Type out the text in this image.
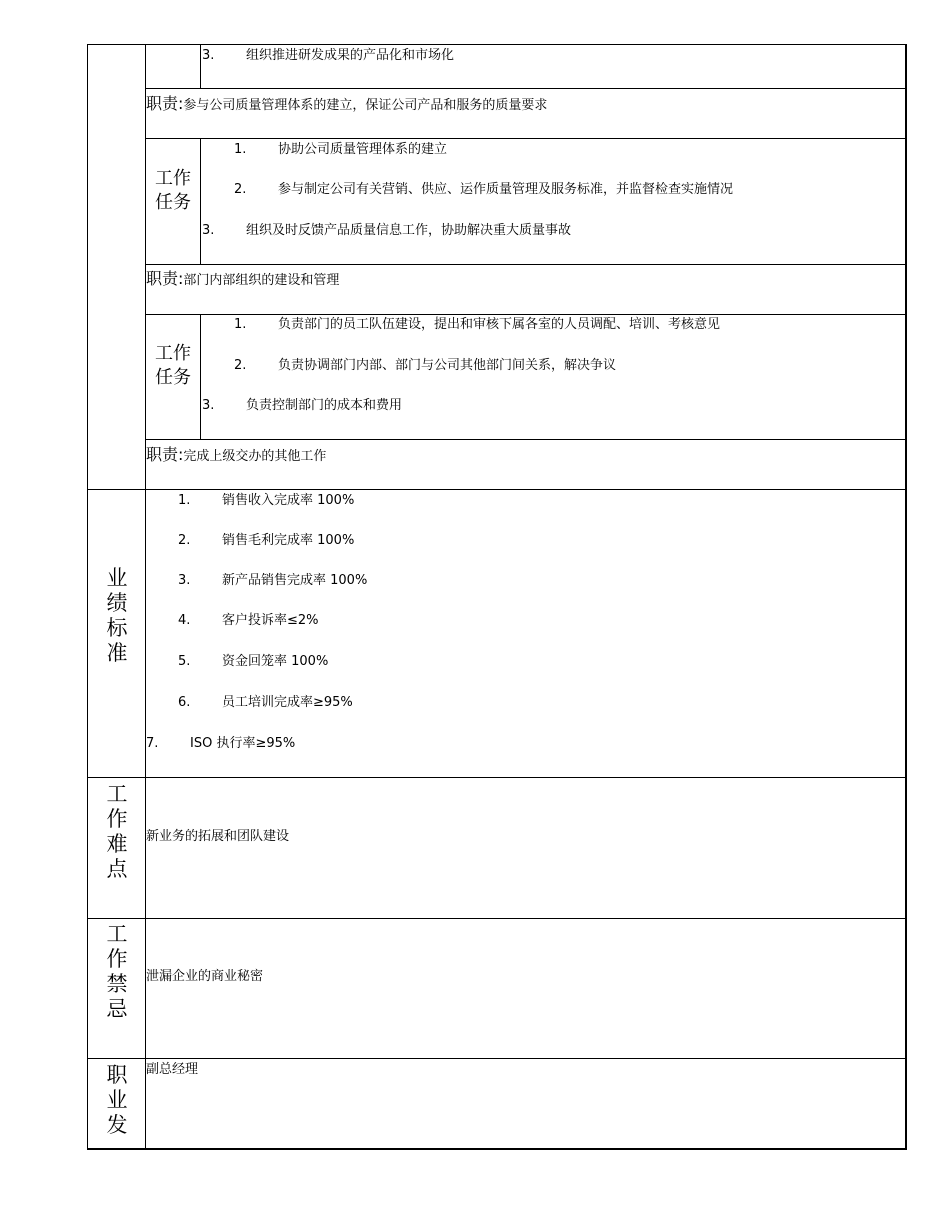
3. 组织推进研发成果的产品化和市场化
职责:参与公司质量管理体系的建立，保证公司产品和服务的质量要求
工作
任务
1. 协助公司质量管理体系的建立
2. 参与制定公司有关营销、供应、运作质量管理及服务标准，并监督检查实施情况
3. 组织及时反馈产品质量信息工作，协助解决重大质量事故
职责:部门内部组织的建设和管理
工作
任务
1. 负责部门的员工队伍建设，提出和审核下属各室的人员调配、培训、考核意见
2. 负责协调部门内部、部门与公司其他部门间关系，解决争议
3. 负责控制部门的成本和费用
职责:完成上级交办的其他工作
业
绩
标
准
1. 销售收入完成率 100%
2. 销售毛利完成率 100%
3. 新产品销售完成率 100%
4. 客户投诉率≤2%
5. 资金回笼率 100%
6. 员工培训完成率≥95%
7. ISO 执行率≥95%
工
作
难
点
新业务的拓展和团队建设
工
作
禁
忌
泄漏企业的商业秘密
职
业
发
副总经理
